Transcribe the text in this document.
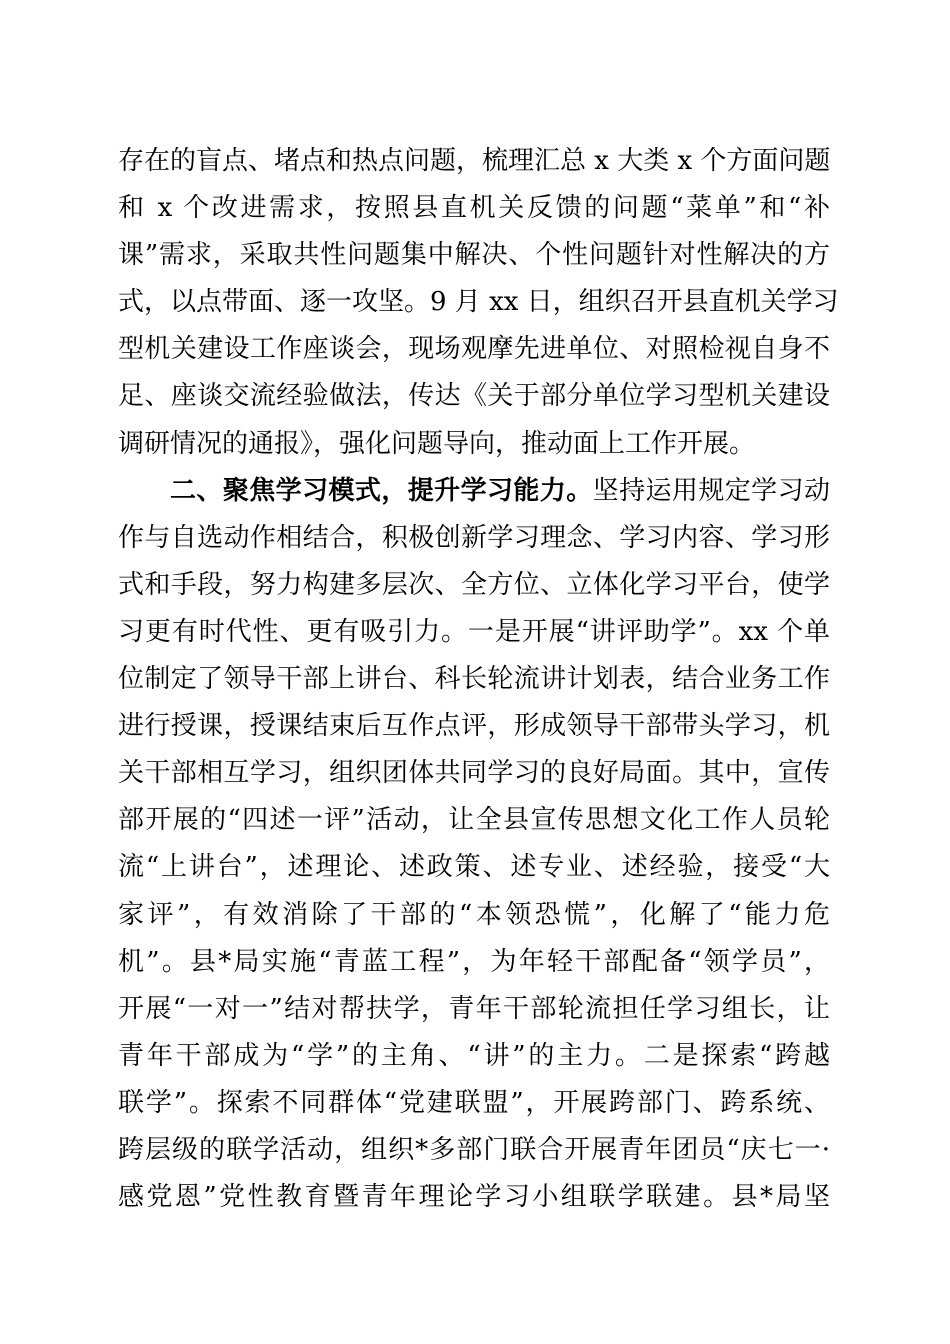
存在的盲点、堵点和热点问题，梳理汇总 x 大类 x 个方面问题
和 x 个改进需求，按照县直机关反馈的问题“菜单”和“补
课”需求，采取共性问题集中解决、个性问题针对性解决的方
式，以点带面、逐一攻坚。9 月 xx 日，组织召开县直机关学习
型机关建设工作座谈会，现场观摩先进单位、对照检视自身不
足、座谈交流经验做法，传达《关于部分单位学习型机关建设
调研情况的通报》，强化问题导向，推动面上工作开展。
二、聚焦学习模式，提升学习能力。坚持运用规定学习动
作与自选动作相结合，积极创新学习理念、学习内容、学习形
式和手段，努力构建多层次、全方位、立体化学习平台，使学
习更有时代性、更有吸引力。一是开展“讲评助学”。xx 个单
位制定了领导干部上讲台、科长轮流讲计划表，结合业务工作
进行授课，授课结束后互作点评，形成领导干部带头学习，机
关干部相互学习，组织团体共同学习的良好局面。其中，宣传
部开展的“四述一评”活动，让全县宣传思想文化工作人员轮
流“上讲台”，述理论、述政策、述专业、述经验，接受“大
家评”，有效消除了干部的“本领恐慌”，化解了“能力危
机”。县*局实施“青蓝工程”，为年轻干部配备“领学员”，
开展“一对一”结对帮扶学，青年干部轮流担任学习组长，让
青年干部成为“学”的主角、“讲”的主力。二是探索“跨越
联学”。探索不同群体“党建联盟”，开展跨部门、跨系统、
跨层级的联学活动，组织*多部门联合开展青年团员“庆七一·
感党恩”党性教育暨青年理论学习小组联学联建。县*局坚
